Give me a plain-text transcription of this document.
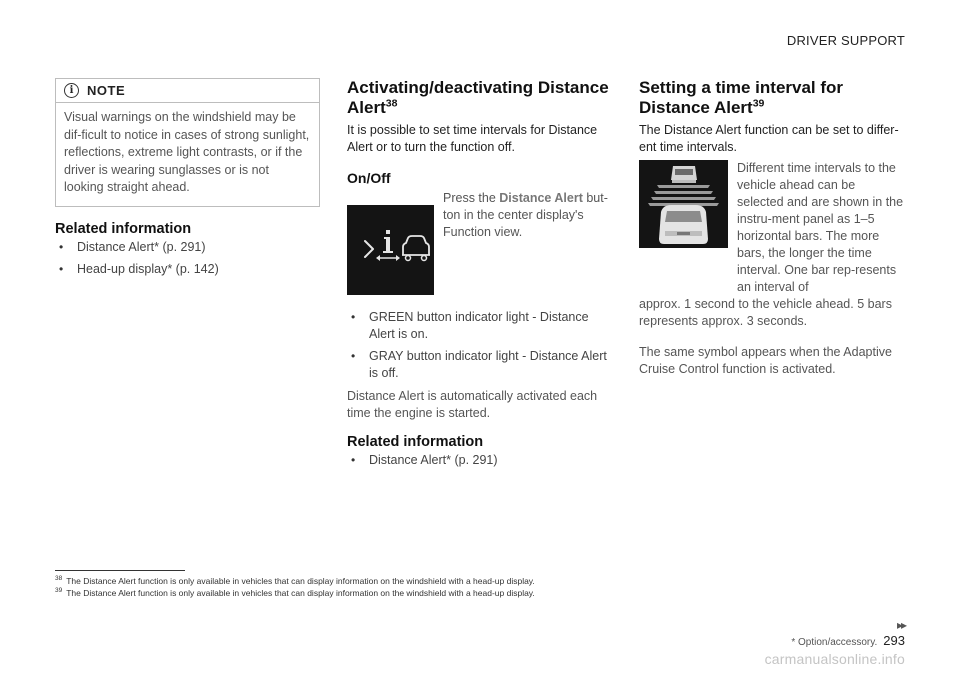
DRIVER SUPPORT
i	NOTE
Visual warnings on the windshield may be dif-ficult to notice in cases of strong sunlight, reflections, extreme light contrasts, or if the driver is wearing sunglasses or is not looking straight ahead.
Related information
• Distance Alert* (p. 291)
• Head-up display* (p. 142)
Activating/deactivating Distance Alert$^{38}$

It is possible to set time intervals for Distance Alert or to turn the function off.

On/Off

Press the Distance Alert but-ton in the center display's Function view.

• GREEN button indicator light - Distance Alert is on.
• GRAY button indicator light - Distance Alert is off.

Distance Alert is automatically activated each time the engine is started.

Related information
• Distance Alert* (p. 291)
Setting a time interval for Distance Alert$^{39}$

The Distance Alert function can be set to differ-ent time intervals.

Different time intervals to the vehicle ahead can be selected and are shown in the instru-ment panel as 1–5 horizontal bars. The more bars, the longer the time interval. One bar rep-resents an interval of

approx. 1 second to the vehicle ahead. 5 bars represents approx. 3 seconds.

The same symbol appears when the Adaptive Cruise Control function is activated.

$^{38}$ The Distance Alert function is only available in vehicles that can display information on the windshield with a head-up display.
$^{39}$ The Distance Alert function is only available in vehicles that can display information on the windshield with a head-up display.
▸▸
* Option/accessory. 293
carmanualsonline.info
